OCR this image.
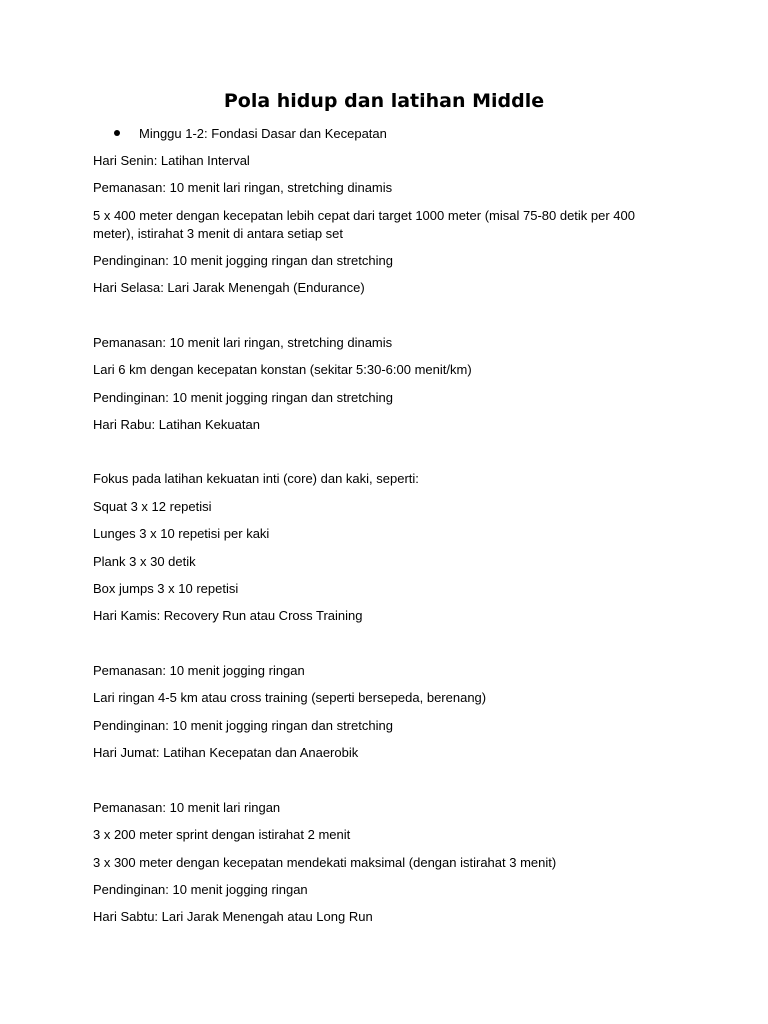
Pola hidup dan latihan Middle
Minggu 1-2: Fondasi Dasar dan Kecepatan

Hari Senin: Latihan Interval

Pemanasan: 10 menit lari ringan, stretching dinamis

5 x 400 meter dengan kecepatan lebih cepat dari target 1000 meter (misal 75-80 detik per 400 meter), istirahat 3 menit di antara setiap set

Pendinginan: 10 menit jogging ringan dan stretching

Hari Selasa: Lari Jarak Menengah (Endurance)

Pemanasan: 10 menit lari ringan, stretching dinamis

Lari 6 km dengan kecepatan konstan (sekitar 5:30-6:00 menit/km)

Pendinginan: 10 menit jogging ringan dan stretching

Hari Rabu: Latihan Kekuatan

Fokus pada latihan kekuatan inti (core) dan kaki, seperti:

Squat 3 x 12 repetisi

Lunges 3 x 10 repetisi per kaki

Plank 3 x 30 detik

Box jumps 3 x 10 repetisi

Hari Kamis: Recovery Run atau Cross Training

Pemanasan: 10 menit jogging ringan

Lari ringan 4-5 km atau cross training (seperti bersepeda, berenang)

Pendinginan: 10 menit jogging ringan dan stretching

Hari Jumat: Latihan Kecepatan dan Anaerobik

Pemanasan: 10 menit lari ringan

3 x 200 meter sprint dengan istirahat 2 menit

3 x 300 meter dengan kecepatan mendekati maksimal (dengan istirahat 3 menit)

Pendinginan: 10 menit jogging ringan

Hari Sabtu: Lari Jarak Menengah atau Long Run
